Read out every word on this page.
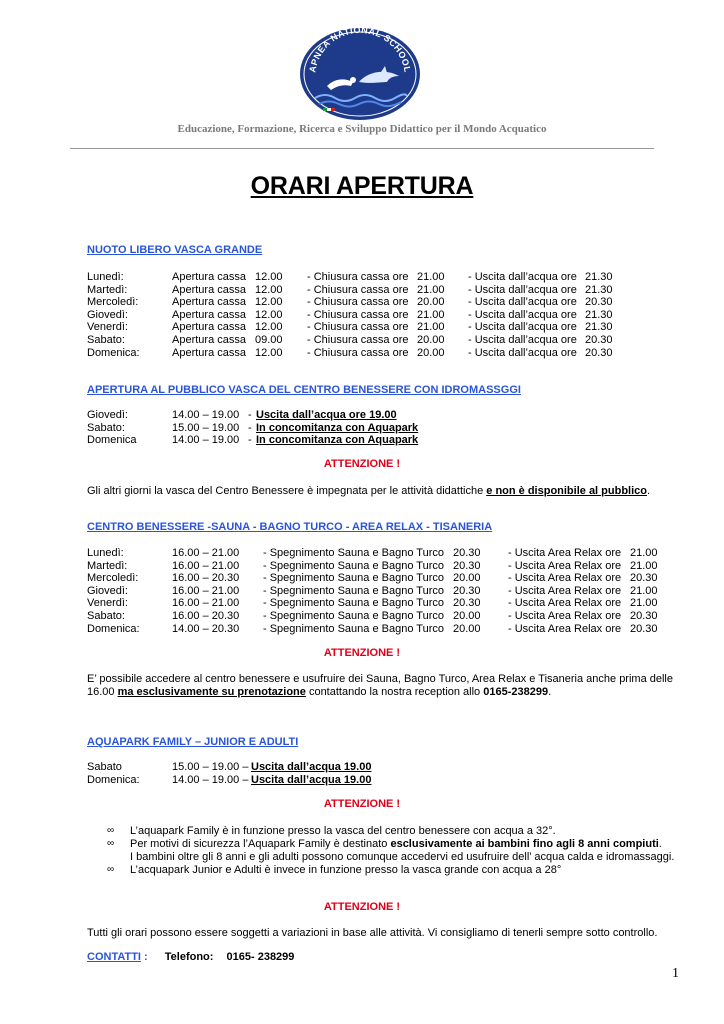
APNEA NATIONAL SCHOOL
Educazione, Formazione, Ricerca e Sviluppo Didattico per il Mondo Acquatico
ORARI APERTURA
NUOTO LIBERO VASCA GRANDE
Lunedì:	Apertura cassa 12.00 - Chiusura cassa ore 21.00 - Uscita dall’acqua ore 21.30
Martedì:	Apertura cassa 12.00 - Chiusura cassa ore 21.00 - Uscita dall’acqua ore 21.30
Mercoledì:	Apertura cassa 12.00 - Chiusura cassa ore 20.00 - Uscita dall’acqua ore 20.30
Giovedì:	Apertura cassa 12.00 - Chiusura cassa ore 21.00 - Uscita dall’acqua ore 21.30
Venerdì:	Apertura cassa 12.00 - Chiusura cassa ore 21.00 - Uscita dall’acqua ore 21.30
Sabato:	Apertura cassa 09.00 - Chiusura cassa ore 20.00 - Uscita dall’acqua ore 20.30
Domenica:	Apertura cassa 12.00 - Chiusura cassa ore 20.00 - Uscita dall’acqua ore 20.30
APERTURA AL PUBBLICO VASCA DEL CENTRO BENESSERE CON IDROMASSGGI
Giovedì:	14.00 – 19.00 - Uscita dall’acqua ore 19.00
Sabato:	15.00 – 19.00 - In concomitanza con Aquapark
Domenica	14.00 – 19.00 - In concomitanza con Aquapark
ATTENZIONE !
Gli altri giorni la vasca del Centro Benessere è impegnata per le attività didattiche e non è disponibile al pubblico.
CENTRO BENESSERE -SAUNA - BAGNO TURCO - AREA RELAX - TISANERIA
Lunedì:	16.00 – 21.00 - Spegnimento Sauna e Bagno Turco 20.30 - Uscita Area Relax ore 21.00
Martedì:	16.00 – 21.00 - Spegnimento Sauna e Bagno Turco 20.30 - Uscita Area Relax ore 21.00
Mercoledì:	16.00 – 20.30 - Spegnimento Sauna e Bagno Turco 20.00 - Uscita Area Relax ore 20.30
Giovedì:	16.00 – 21.00 - Spegnimento Sauna e Bagno Turco 20.30 - Uscita Area Relax ore 21.00
Venerdì:	16.00 – 21.00 - Spegnimento Sauna e Bagno Turco 20.30 - Uscita Area Relax ore 21.00
Sabato:	16.00 – 20.30 - Spegnimento Sauna e Bagno Turco 20.00 - Uscita Area Relax ore 20.30
Domenica:	14.00 – 20.30 - Spegnimento Sauna e Bagno Turco 20.00 - Uscita Area Relax ore 20.30
ATTENZIONE !
E’ possibile accedere al centro benessere e usufruire dei Sauna, Bagno Turco, Area Relax e Tisaneria anche prima delle
16.00 ma esclusivamente su prenotazione contattando la nostra reception allo 0165-238299.
AQUAPARK FAMILY – JUNIOR E ADULTI
Sabato	15.00 – 19.00 – Uscita dall’acqua 19.00
Domenica:	14.00 – 19.00 – Uscita dall’acqua 19.00
ATTENZIONE !
∞ L’aquapark Family è in funzione presso la vasca del centro benessere con acqua a 32°.
∞ Per motivi di sicurezza l’Aquapark Family è destinato esclusivamente ai bambini fino agli 8 anni compiuti.
I bambini oltre gli 8 anni e gli adulti possono comunque accedervi ed usufruire dell’ acqua calda e idromassaggi.
∞ L’acquapark Junior e Adulti è invece in funzione presso la vasca grande con acqua a 28°
ATTENZIONE !
Tutti gli orari possono essere soggetti a variazioni in base alle attività. Vi consigliamo di tenerli sempre sotto controllo.
CONTATTI : Telefono: 0165- 238299
1
